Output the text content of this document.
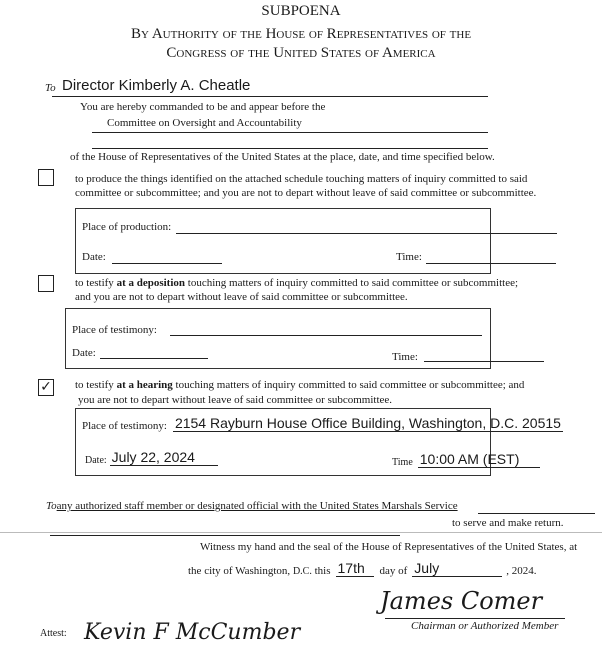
SUBPOENA
By Authority of the House of Representatives of the
Congress of the United States of America
To Director Kimberly A. Cheatle
You are hereby commanded to be and appear before the
Committee on Oversight and Accountability
of the House of Representatives of the United States at the place, date, and time specified below.
to produce the things identified on the attached schedule touching matters of inquiry committed to said
committee or subcommittee; and you are not to depart without leave of said committee or subcommittee.
Place of production:
Date:	Time:
to testify at a deposition touching matters of inquiry committed to said committee or subcommittee;
and you are not to depart without leave of said committee or subcommittee.
Place of testimony:
Date:	Time:
✓ to testify at a hearing touching matters of inquiry committed to said committee or subcommittee; and
you are not to depart without leave of said committee or subcommittee.
Place of testimony: 2154 Rayburn House Office Building, Washington, D.C. 20515
Date: July 22, 2024	Time 10:00 AM (EST)
Toany authorized staff member or designated official with the United States Marshals Service
to serve and make return.
Witness my hand and the seal of the House of Representatives of the United States, at
the city of Washington, D.C. this 17th	day of July	, 2024.
James Comer
Chairman or Authorized Member
Attest: Kevin F McCumber
